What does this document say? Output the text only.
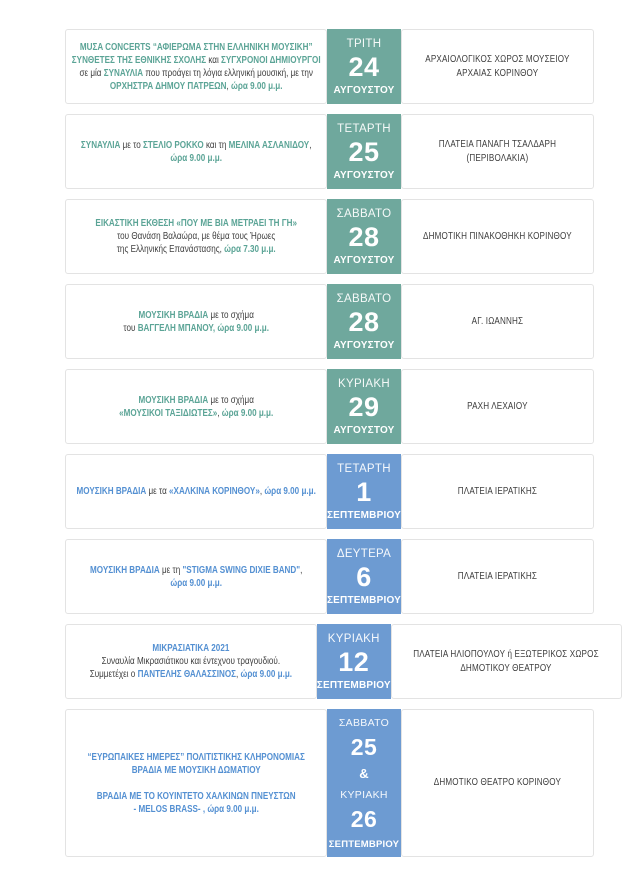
MUΣA CONCERTS “ΑΦΙΕΡΩΜΑ ΣΤΗΝ ΕΛΛΗΝΙΚΗ ΜΟΥΣΙΚΗ”
ΣΥΝΘΕΤΕΣ ΤΗΣ ΕΘΝΙΚΗΣ ΣΧΟΛΗΣ και ΣΥΓΧΡΟΝΟΙ ΔΗΜΙΟΥΡΓΟΙ
σε μία ΣΥΝΑΥΛΙΑ που προάγει τη λόγια ελληνική μουσική, με την
ΟΡΧΗΣΤΡΑ ΔΗΜΟΥ ΠΑΤΡΕΩΝ, ώρα 9.00 μ.μ.
ΤΡΙΤΗ
24
ΑΥΓΟΥΣΤΟΥ
ΑΡΧΑΙΟΛΟΓΙΚΟΣ ΧΩΡΟΣ ΜΟΥΣΕΙΟΥ
ΑΡΧΑΙΑΣ ΚΟΡΙΝΘΟΥ
ΣΥΝΑΥΛΙΑ με το ΣΤΕΛΙΟ ΡΟΚΚΟ και τη ΜΕΛΙΝΑ ΑΣΛΑΝΙΔΟΥ,
ώρα 9.00 μ.μ.
ΤΕΤΑΡΤΗ
25
ΑΥΓΟΥΣΤΟΥ
ΠΛΑΤΕΙΑ ΠΑΝΑΓΗ ΤΣΑΛΔΑΡΗ
(ΠΕΡΙΒΟΛΑΚΙΑ)
ΕΙΚΑΣΤΙΚΗ ΕΚΘΕΣΗ «ΠΟΥ ΜΕ ΒΙΑ ΜΕΤΡΑΕΙ ΤΗ ΓΗ»
του Θανάση Βαλαώρα, με θέμα τους Ήρωες
της Ελληνικής Επανάστασης, ώρα 7.30 μ.μ.
ΣΑΒΒΑΤΟ
28
ΑΥΓΟΥΣΤΟΥ
ΔΗΜΟΤΙΚΗ ΠΙΝΑΚΟΘΗΚΗ ΚΟΡΙΝΘΟΥ
ΜΟΥΣΙΚΗ ΒΡΑΔΙΑ με το σχήμα
του ΒΑΓΓΕΛΗ ΜΠΑΝΟΥ, ώρα 9.00 μ.μ.
ΣΑΒΒΑΤΟ
28
ΑΥΓΟΥΣΤΟΥ
ΑΓ. ΙΩΑΝΝΗΣ
ΜΟΥΣΙΚΗ ΒΡΑΔΙΑ με το σχήμα
«ΜΟΥΣΙΚΟΙ ΤΑΞΙΔΙΩΤΕΣ», ώρα 9.00 μ.μ.
ΚΥΡΙΑΚΗ
29
ΑΥΓΟΥΣΤΟΥ
ΡΑΧΗ ΛΕΧΑΙΟΥ
ΜΟΥΣΙΚΗ ΒΡΑΔΙΑ με τα «ΧΑΛΚΙΝΑ ΚΟΡΙΝΘΟΥ», ώρα 9.00 μ.μ.
ΤΕΤΑΡΤΗ
1
ΣΕΠΤΕΜΒΡΙΟΥ
ΠΛΑΤΕΙΑ ΙΕΡΑΤΙΚΗΣ
ΜΟΥΣΙΚΗ ΒΡΑΔΙΑ με τη "STIGMA SWING DIXIE BAND",
ώρα 9.00 μ.μ.
ΔΕΥΤΕΡΑ
6
ΣΕΠΤΕΜΒΡΙΟΥ
ΠΛΑΤΕΙΑ ΙΕΡΑΤΙΚΗΣ
ΜΙΚΡΑΣΙΑΤΙΚΑ 2021
Συναυλία Μικρασιάτικου και έντεχνου τραγουδιού.
Συμμετέχει ο ΠΑΝΤΕΛΗΣ ΘΑΛΑΣΣΙΝΟΣ, ώρα 9.00 μ.μ.
ΚΥΡΙΑΚΗ
12
ΣΕΠΤΕΜΒΡΙΟΥ
ΠΛΑΤΕΙΑ ΗΛΙΟΠΟΥΛΟΥ ή ΕΞΩΤΕΡΙΚΟΣ ΧΩΡΟΣ
ΔΗΜΟΤΙΚΟΥ ΘΕΑΤΡΟΥ
“ΕΥΡΩΠΑΙΚΕΣ ΗΜΕΡΕΣ” ΠΟΛΙΤΙΣΤΙΚΗΣ ΚΛΗΡΟΝΟΜΙΑΣ
ΒΡΑΔΙΑ ΜΕ ΜΟΥΣΙΚΗ ΔΩΜΑΤΙΟΥ

ΒΡΑΔΙΑ ΜΕ ΤΟ ΚΟΥΙΝΤΕΤΟ ΧΑΛΚΙΝΩΝ ΠΝΕΥΣΤΩΝ
- MELOS BRASS- , ώρα 9.00 μ.μ.
ΣΑΒΒΑΤΟ
25
&
ΚΥΡΙΑΚΗ
26
ΣΕΠΤΕΜΒΡΙΟΥ
ΔΗΜΟΤΙΚΟ ΘΕΑΤΡΟ ΚΟΡΙΝΘΟΥ
